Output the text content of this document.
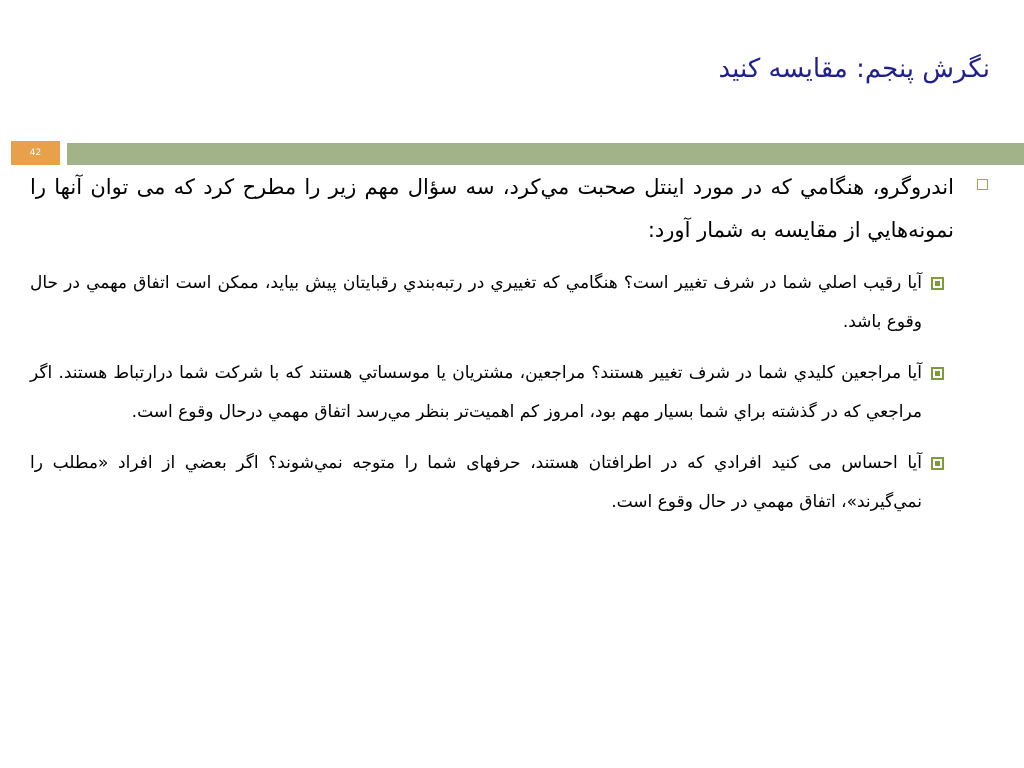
نگرش پنجم: مقایسه کنید
42
اندروگرو، هنگامي که در مورد اينتل صحبت مي‌کرد، سه سؤال مهم زير را مطرح کرد که می توان آنها را نمونه‌هايي از مقايسه به شمار آورد:
آيا رقيب اصلي شما در شرف تغيير است؟ هنگامي که تغييري در رتبه‌بندي رقبايتان پيش بيايد، ممکن است اتفاق مهمي در حال وقوع باشد.
آيا مراجعين کليدي شما در شرف تغيير هستند؟ مراجعين، مشتريان يا موسساتي هستند که با شرکت شما درارتباط هستند. اگر مراجعي که در گذشته براي شما بسيار مهم بود، امروز کم اهميت‌تر بنظر مي‌رسد اتفاق مهمي درحال وقوع است.
آيا احساس می کنید افرادي که در اطرافتان هستند، حرفهای شما را متوجه نمي‌شوند؟ اگر بعضي از افراد «مطلب را نمي‌گيرند»، اتفاق مهمي در حال وقوع است.
